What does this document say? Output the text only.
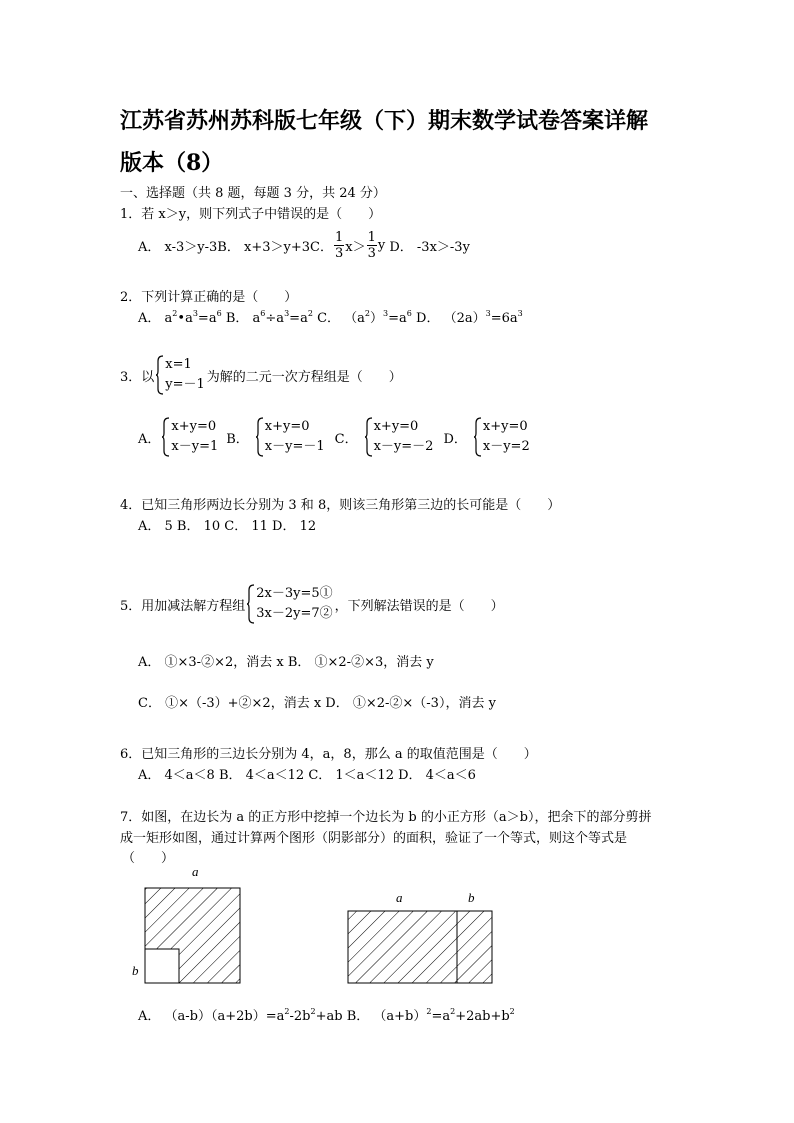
江苏省苏州苏科版七年级（下）期末数学试卷答案详解
版本（8）
一、选择题（共 8 题，每题 3 分，共 24 分）
1．若 x＞y，则下列式子中错误的是（　　）
A． x-3＞y-3 B． x+3＞y+3 C． $\frac{1}{3} x> \frac{1}{3}$ y
D． -3x＞-3y
2．下列计算正确的是（　　）
A． $a^2•a^3=a^6$ B． $a^6\div a^3=a^2$ C． $(a^2)^3=a^6$ D． $(2a)^3=6a^3$
3．以
x=1
y=－1 为解的二元一次方程组是（　　）
A．
x+y=0
x－y=1 B．
x+y=0
x－y=－1 C．
x+y=0
x－y=－2 D．
x+y=0
x－y=2
4．已知三角形两边长分别为 3 和 8，则该三角形第三边的长可能是（　　）
A． 5 B． 10 C． 11 D． 12
5．用加减法解方程组
2x－3y=5①
3x－2y=7② ，下列解法错误的是（　　）
A． ①×3-②×2，消去 x B． ①×2-②×3，消去 y
C． ①×（-3）+②×2，消去 x D． ①×2-②×（-3），消去 y
6．已知三角形的三边长分别为 4，a，8，那么 a 的取值范围是（　　）
A． 4＜a＜8 B． 4＜a＜12 C． 1＜a＜12 D． 4＜a＜6
7．如图，在边长为 a 的正方形中挖掉一个边长为 b 的小正方形（a＞b），把余下的部分剪拼
成一矩形如图，通过计算两个图形（阴影部分）的面积，验证了一个等式，则这个等式是
（　　）
a
b
a	b
A． $(a-b)(a+2b)=a^2-2b^2+ab$ B． $(a+b)^2=a^2+2ab+b^2$
